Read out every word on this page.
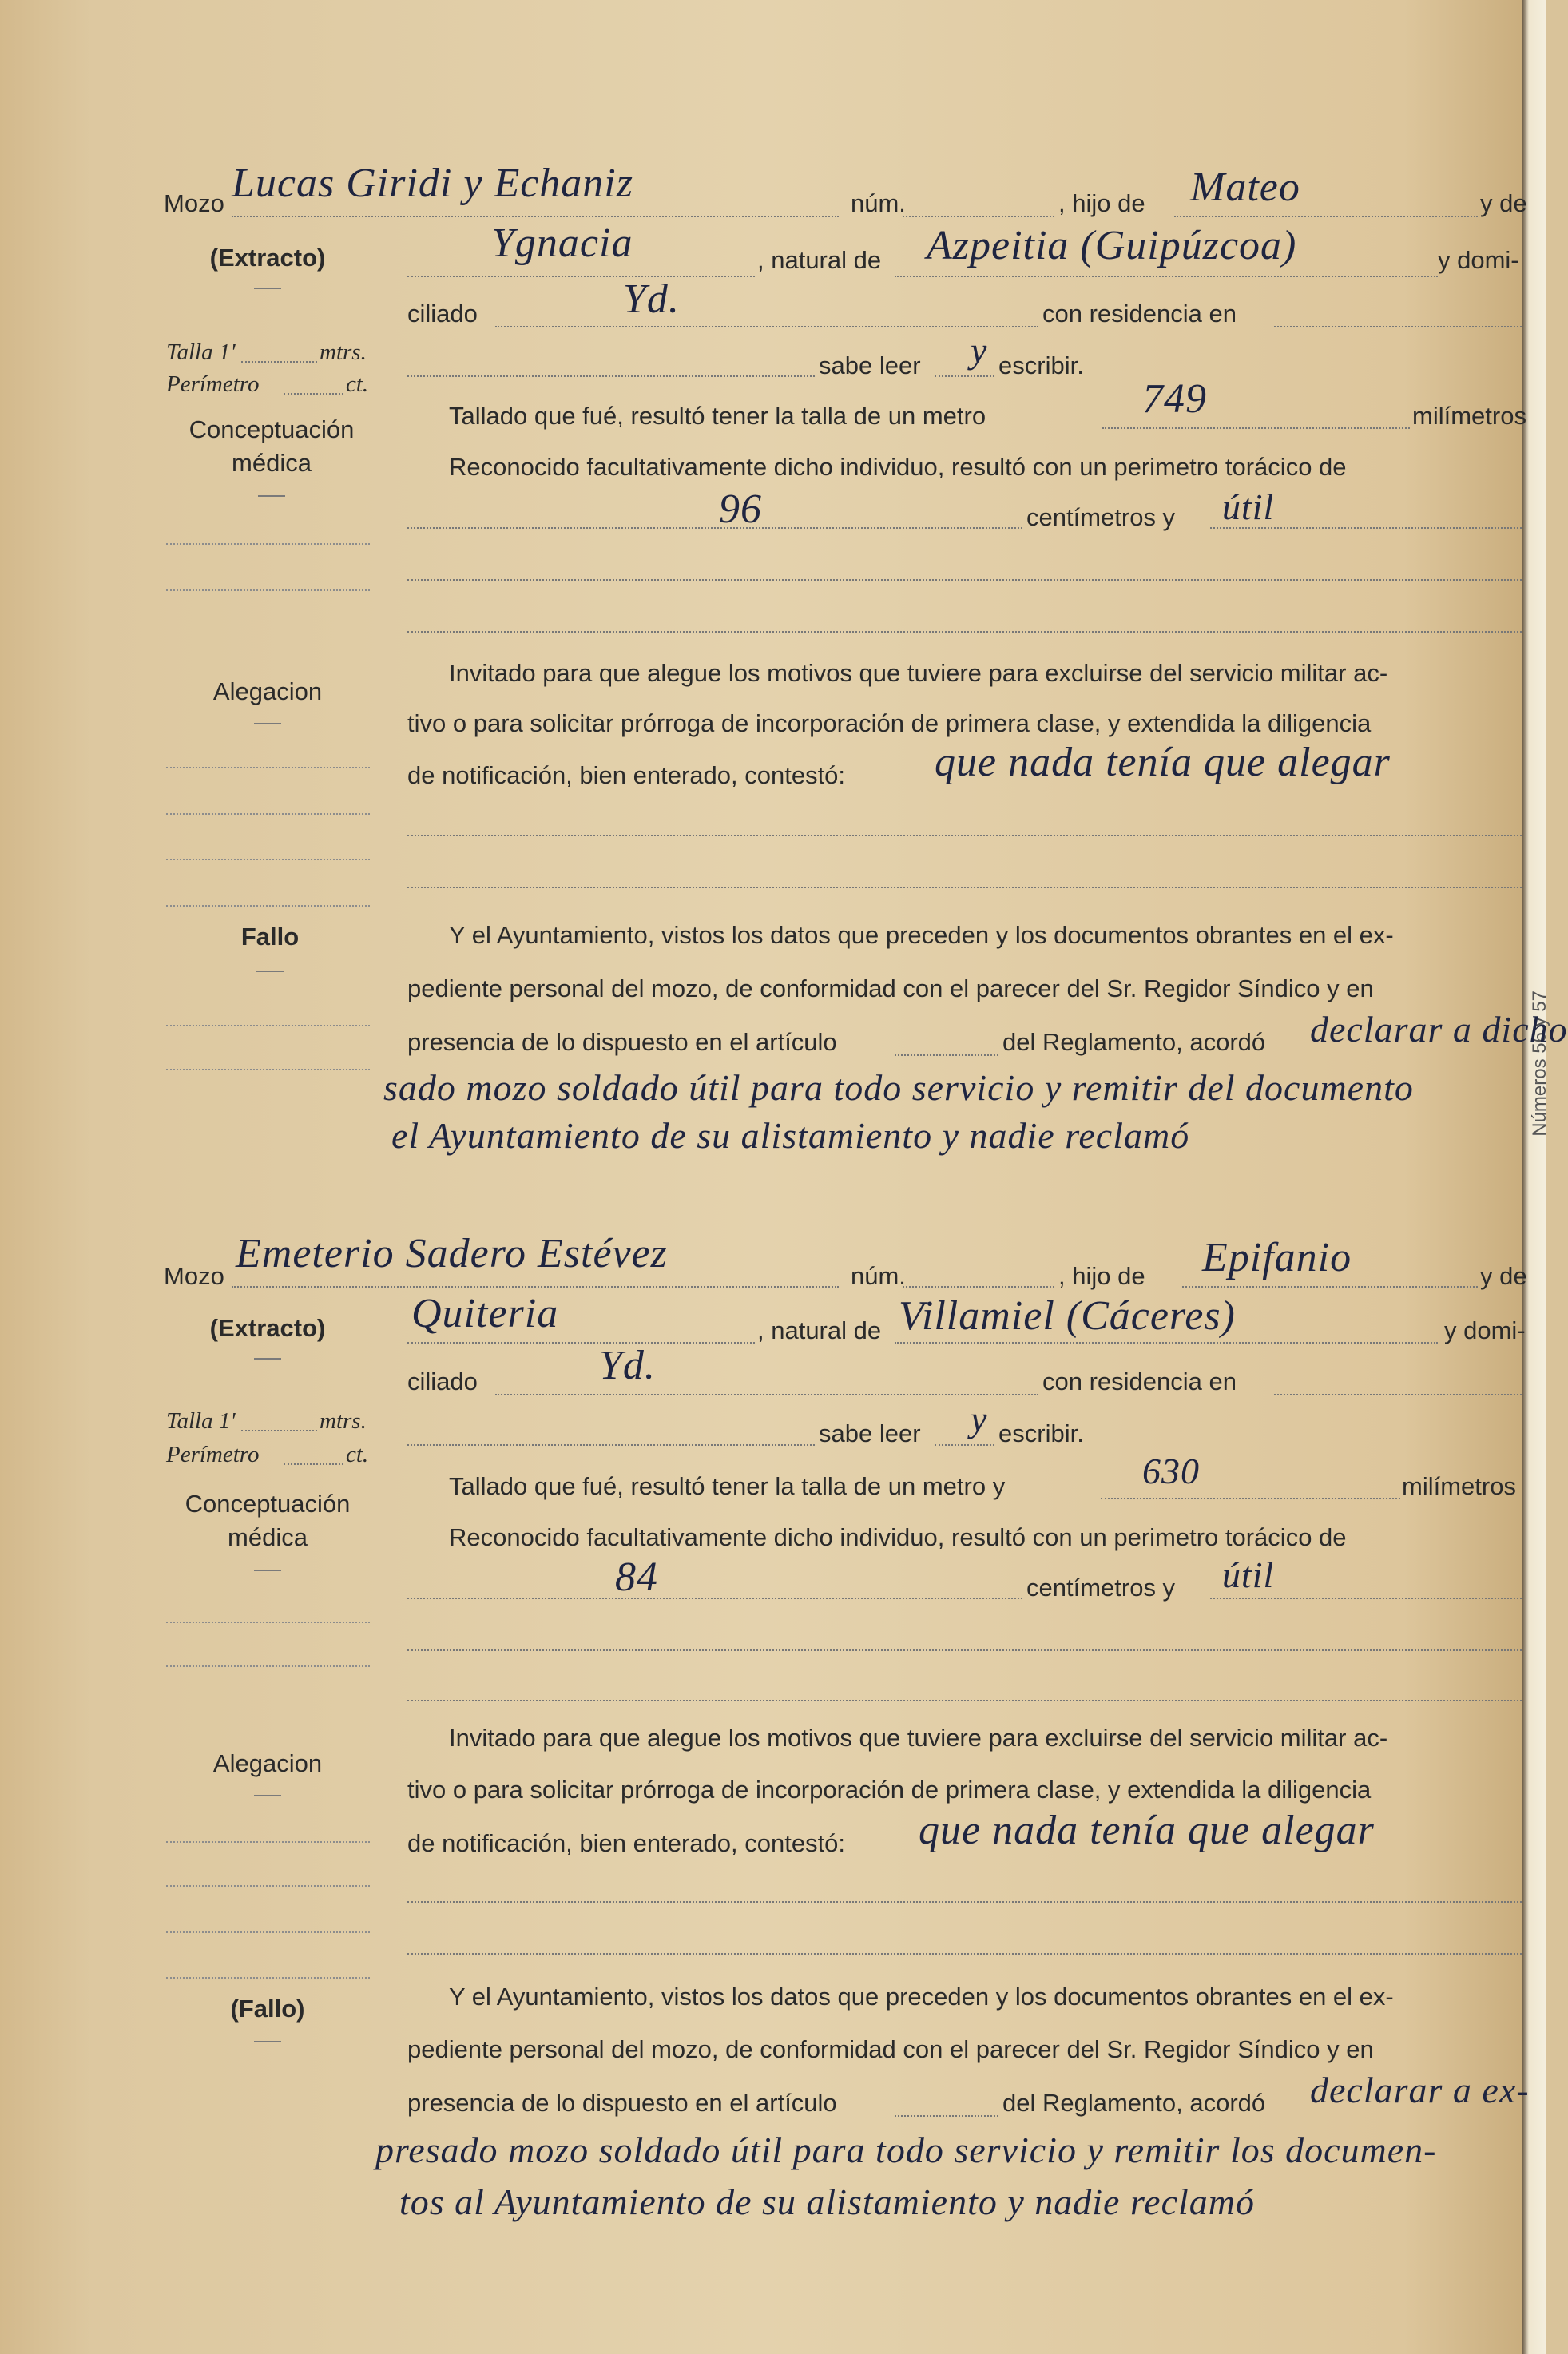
Números 56 y 57
Mozo Lucas Giridi y Echaniz	núm.	, hijo de Mateo	y de
(Extracto)	Ygnacia	, natural de Azpeitia (Guipúzcoa)	y domi-
ciliado	Yd.	con residencia en
Talla 1'	mtrs.
Perímetro	ct.
sabe leer y escribir.
Conceptuación
médica
Tallado que fué, resultó tener la talla de un metro	749	milímetros
Reconocido facultativamente dicho individuo, resultó con un perimetro torácico de
96	centímetros y útil
Alegacion
Invitado para que alegue los motivos que tuviere para excluirse del servicio militar ac-
tivo o para solicitar prórroga de incorporación de primera clase, y extendida la diligencia
de notificación, bien enterado, contestó: que nada tenía que alegar
Fallo	Y el Ayuntamiento, vistos los datos que preceden y los documentos obrantes en el ex-
pediente personal del mozo, de conformidad con el parecer del Sr. Regidor Síndico y en
presencia de lo dispuesto en el artículo	del Reglamento, acordó declarar a dicho
sado mozo soldado útil para todo servicio y remitir del documento
el Ayuntamiento de su alistamiento y nadie reclamó
Mozo Emeterio Sadero Estévez	núm.	, hijo de Epifanio	y de
(Extracto) Quiteria	, natural de Villamiel (Cáceres)	y domi-
ciliado	Yd.	con residencia en
Talla 1'	mtrs.
Perímetro	ct.
sabe leer y escribir.
Conceptuación
médica
Tallado que fué, resultó tener la talla de un metro y	630	milímetros
Reconocido facultativamente dicho individuo, resultó con un perimetro torácico de
84	centímetros y útil
Alegacion
Invitado para que alegue los motivos que tuviere para excluirse del servicio militar ac-
tivo o para solicitar prórroga de incorporación de primera clase, y extendida la diligencia
de notificación, bien enterado, contestó: que nada tenía que alegar
(Fallo)	Y el Ayuntamiento, vistos los datos que preceden y los documentos obrantes en el ex-
pediente personal del mozo, de conformidad con el parecer del Sr. Regidor Síndico y en
presencia de lo dispuesto en el artículo	del Reglamento, acordó declarar a ex-
presado mozo soldado útil para todo servicio y remitir los documen-
tos al Ayuntamiento de su alistamiento y nadie reclamó
